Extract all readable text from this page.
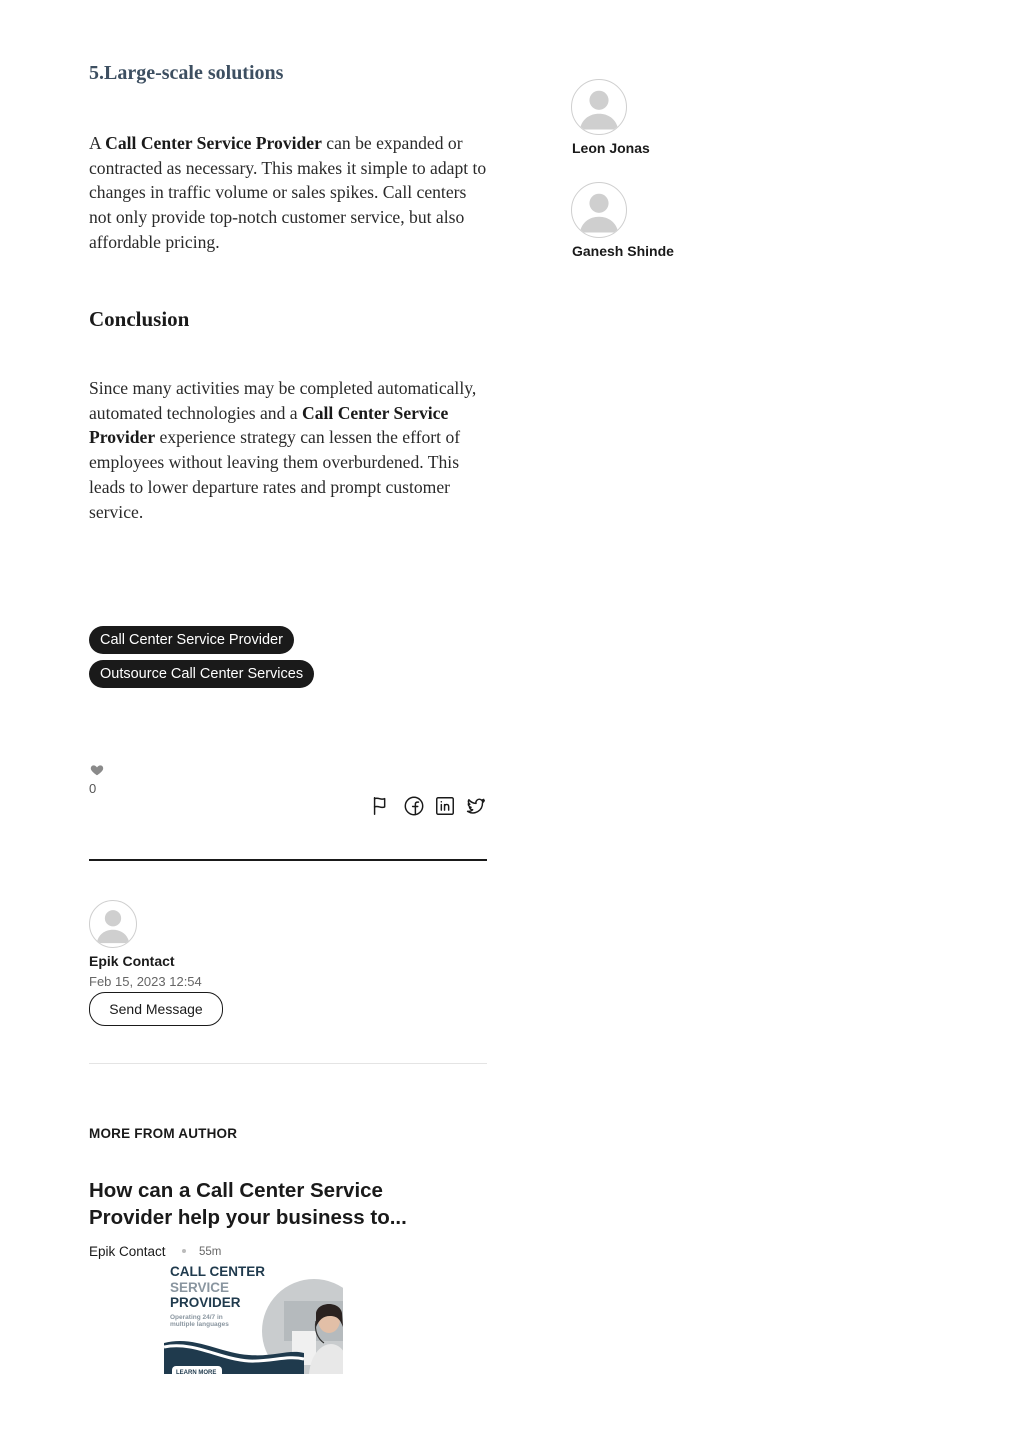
5.Large-scale solutions
A Call Center Service Provider can be expanded or contracted as necessary. This makes it simple to adapt to changes in traffic volume or sales spikes. Call centers not only provide top-notch customer service, but also affordable pricing.
Conclusion
Since many activities may be completed automatically, automated technologies and a Call Center Service Provider experience strategy can lessen the effort of employees without leaving them overburdened. This leads to lower departure rates and prompt customer service.
Call Center Service Provider
Outsource Call Center Services
0
Epik Contact
Feb 15, 2023 12:54
Send Message
MORE FROM AUTHOR
How can a Call Center Service Provider help your business to...
Epik Contact	55m
CALL CENTER
SERVICE
PROVIDER
Operating 24/7 in
multiple languages
LEARN MORE
Leon Jonas
Ganesh Shinde
